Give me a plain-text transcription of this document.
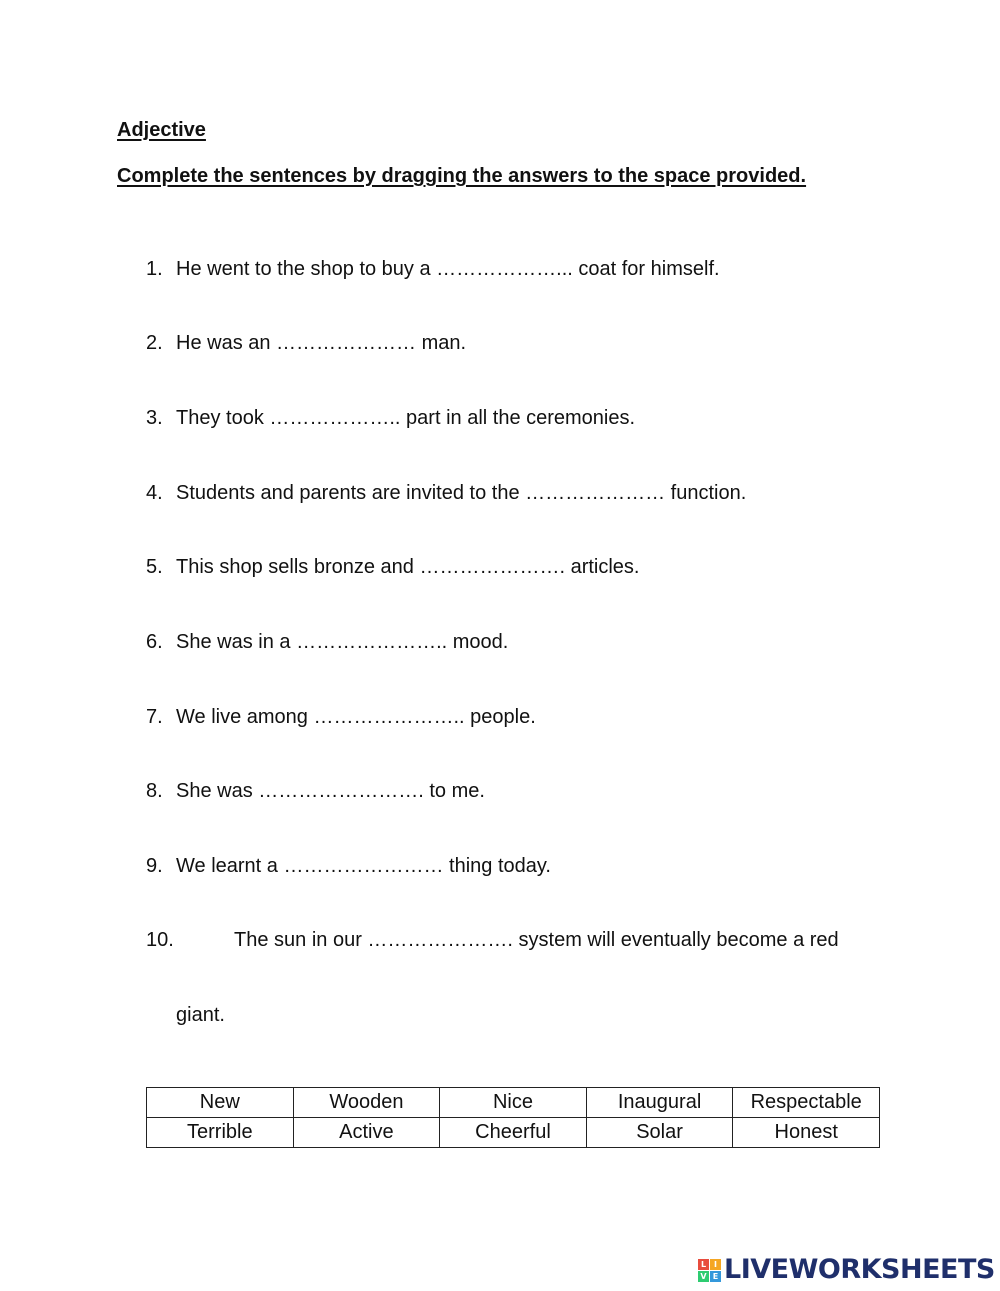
Adjective
Complete the sentences by dragging the answers to the space provided.
1. He went to the shop to buy a ………………... coat for himself.
2. He was an ………………… man.
3. They took ……………….. part in all the ceremonies.
4. Students and parents are invited to the ………………… function.
5. This shop sells bronze and …………………. articles.
6. She was in a ………………….. mood.
7. We live among ………………….. people.
8. She was ……………………. to me.
9. We learnt a …………………… thing today.
10.	The sun in our …………………. system will eventually become a red
giant.
New	Wooden	Nice	Inaugural	Respectable
Terrible	Active	Cheerful	Solar	Honest
L I
V E LIVEWORKSHEETS
